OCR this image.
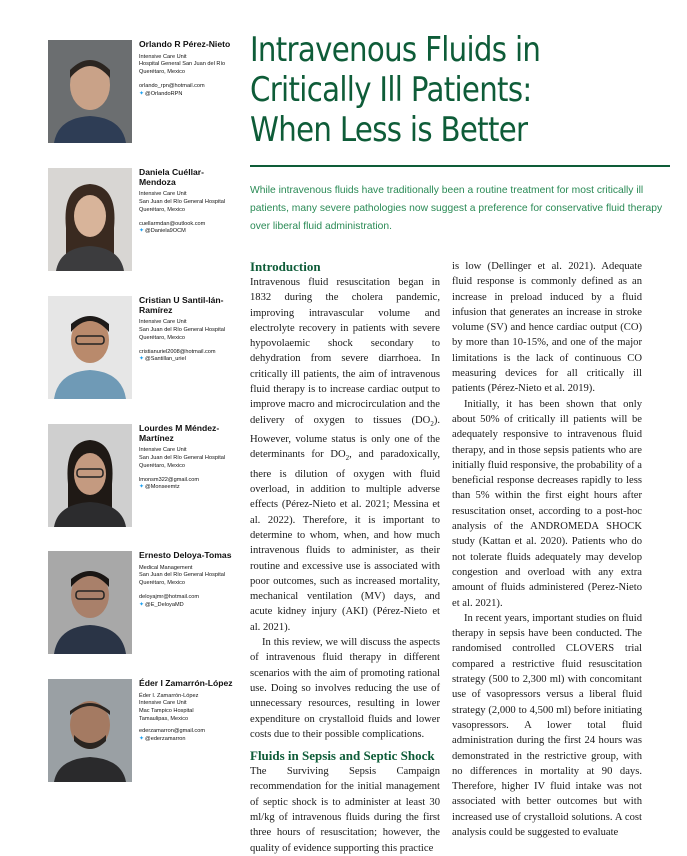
Orlando R Pérez-Nieto
Intensive Care Unit
Hospital General San Juan del Río
Querétaro, Mexico
orlando_rpn@hotmail.com
✦@OrlandoRPN
Daniela Cuéllar-Mendoza
Intensive Care Unit
San Juan del Río General Hospital
Querétaro, Mexico
cuellarmdan@outlook.com
✦@Daniela9OCM
Cristian U Santil-lán-Ramírez
Intensive Care Unit
San Juan del Río General Hospital
Querétaro, Mexico
cristianuriel2008@hotmail.com
✦@Santillan_uriel
Lourdes M Méndez-Martínez
Intensive Care Unit
San Juan del Río General Hospital
Querétaro, Mexico
lmonsm322@gmail.com
✦@Monseemtz
Ernesto Deloya-Tomas
Medical Management
San Juan del Río General Hospital
Querétaro, Mexico
deloyajmr@hotmail.com
✦@E_DeloyaMD
Éder I Zamarrón-López
Éder I. Zamarrón-López
Intensive Care Unit
Mac Tampico Hospital
Tamaulipas, Mexico
ederzamarron@gmail.com
✦@ederzamarron
Intravenous Fluids in
Critically Ill Patients:
When Less is Better
While intravenous fluids have traditionally been a routine treatment for most critically ill patients, many severe pathologies now suggest a preference for conservative fluid therapy over liberal fluid administration.
Introduction

Intravenous fluid resuscitation began in 1832 during the cholera pandemic, improving intravascular volume and electrolyte recovery in patients with severe hypovolaemic shock secondary to dehydration from severe diarrhoea. In critically ill patients, the aim of intravenous fluid therapy is to increase cardiac output to improve macro and microcirculation and the delivery of oxygen to tissues $(DO_2)$. However, volume status is only one of the determinants for $DO_2$, and paradoxically, there is dilution of oxygen with fluid overload, in addition to multiple adverse effects (Pérez-Nieto et al. 2021; Messina et al. 2022). Therefore, it is important to determine to whom, when, and how much intravenous fluids to administer, as their routine and excessive use is associated with poor outcomes, such as increased mortality, mechanical ventilation (MV) days, and acute kidney injury (AKI) (Pérez-Nieto et al. 2021).

In this review, we will discuss the aspects of intravenous fluid therapy in different scenarios with the aim of promoting rational use. Doing so involves reducing the use of unnecessary resources, resulting in lower expenditure on crystalloid fluids and lower costs due to their possible complications.

Fluids in Sepsis and Septic Shock

The Surviving Sepsis Campaign recommendation for the initial management of septic shock is to administer at least 30 ml/kg of intravenous fluids during the first three hours of resuscitation; however, the quality of evidence supporting this practice

is low (Dellinger et al. 2021). Adequate fluid response is commonly defined as an increase in preload induced by a fluid infusion that generates an increase in stroke volume (SV) and hence cardiac output (CO) by more than 10-15%, and one of the major limitations is the lack of continuous CO measuring devices for all critically ill patients (Pérez-Nieto et al. 2019).

Initially, it has been shown that only about 50% of critically ill patients will be adequately responsive to intravenous fluid therapy, and in those sepsis patients who are initially fluid responsive, the probability of a beneficial response decreases rapidly to less than 5% within the first eight hours after resuscitation onset, according to a post-hoc analysis of the ANDROMEDA SHOCK study (Kattan et al. 2020). Patients who do not tolerate fluids adequately may develop congestion and overload with any extra amount of fluids administered (Perez-Nieto et al. 2021).

In recent years, important studies on fluid therapy in sepsis have been conducted. The randomised controlled CLOVERS trial compared a restrictive fluid resuscitation strategy (500 to 2,300 ml) with concomitant use of vasopressors versus a liberal fluid strategy (2,000 to 4,500 ml) before initiating vasopressors. A lower total fluid administration during the first 24 hours was demonstrated in the restrictive group, with no differences in mortality at 90 days. Therefore, higher IV fluid intake was not associated with better outcomes but with increased use of crystalloid solutions. A cost analysis could be suggested to evaluate
